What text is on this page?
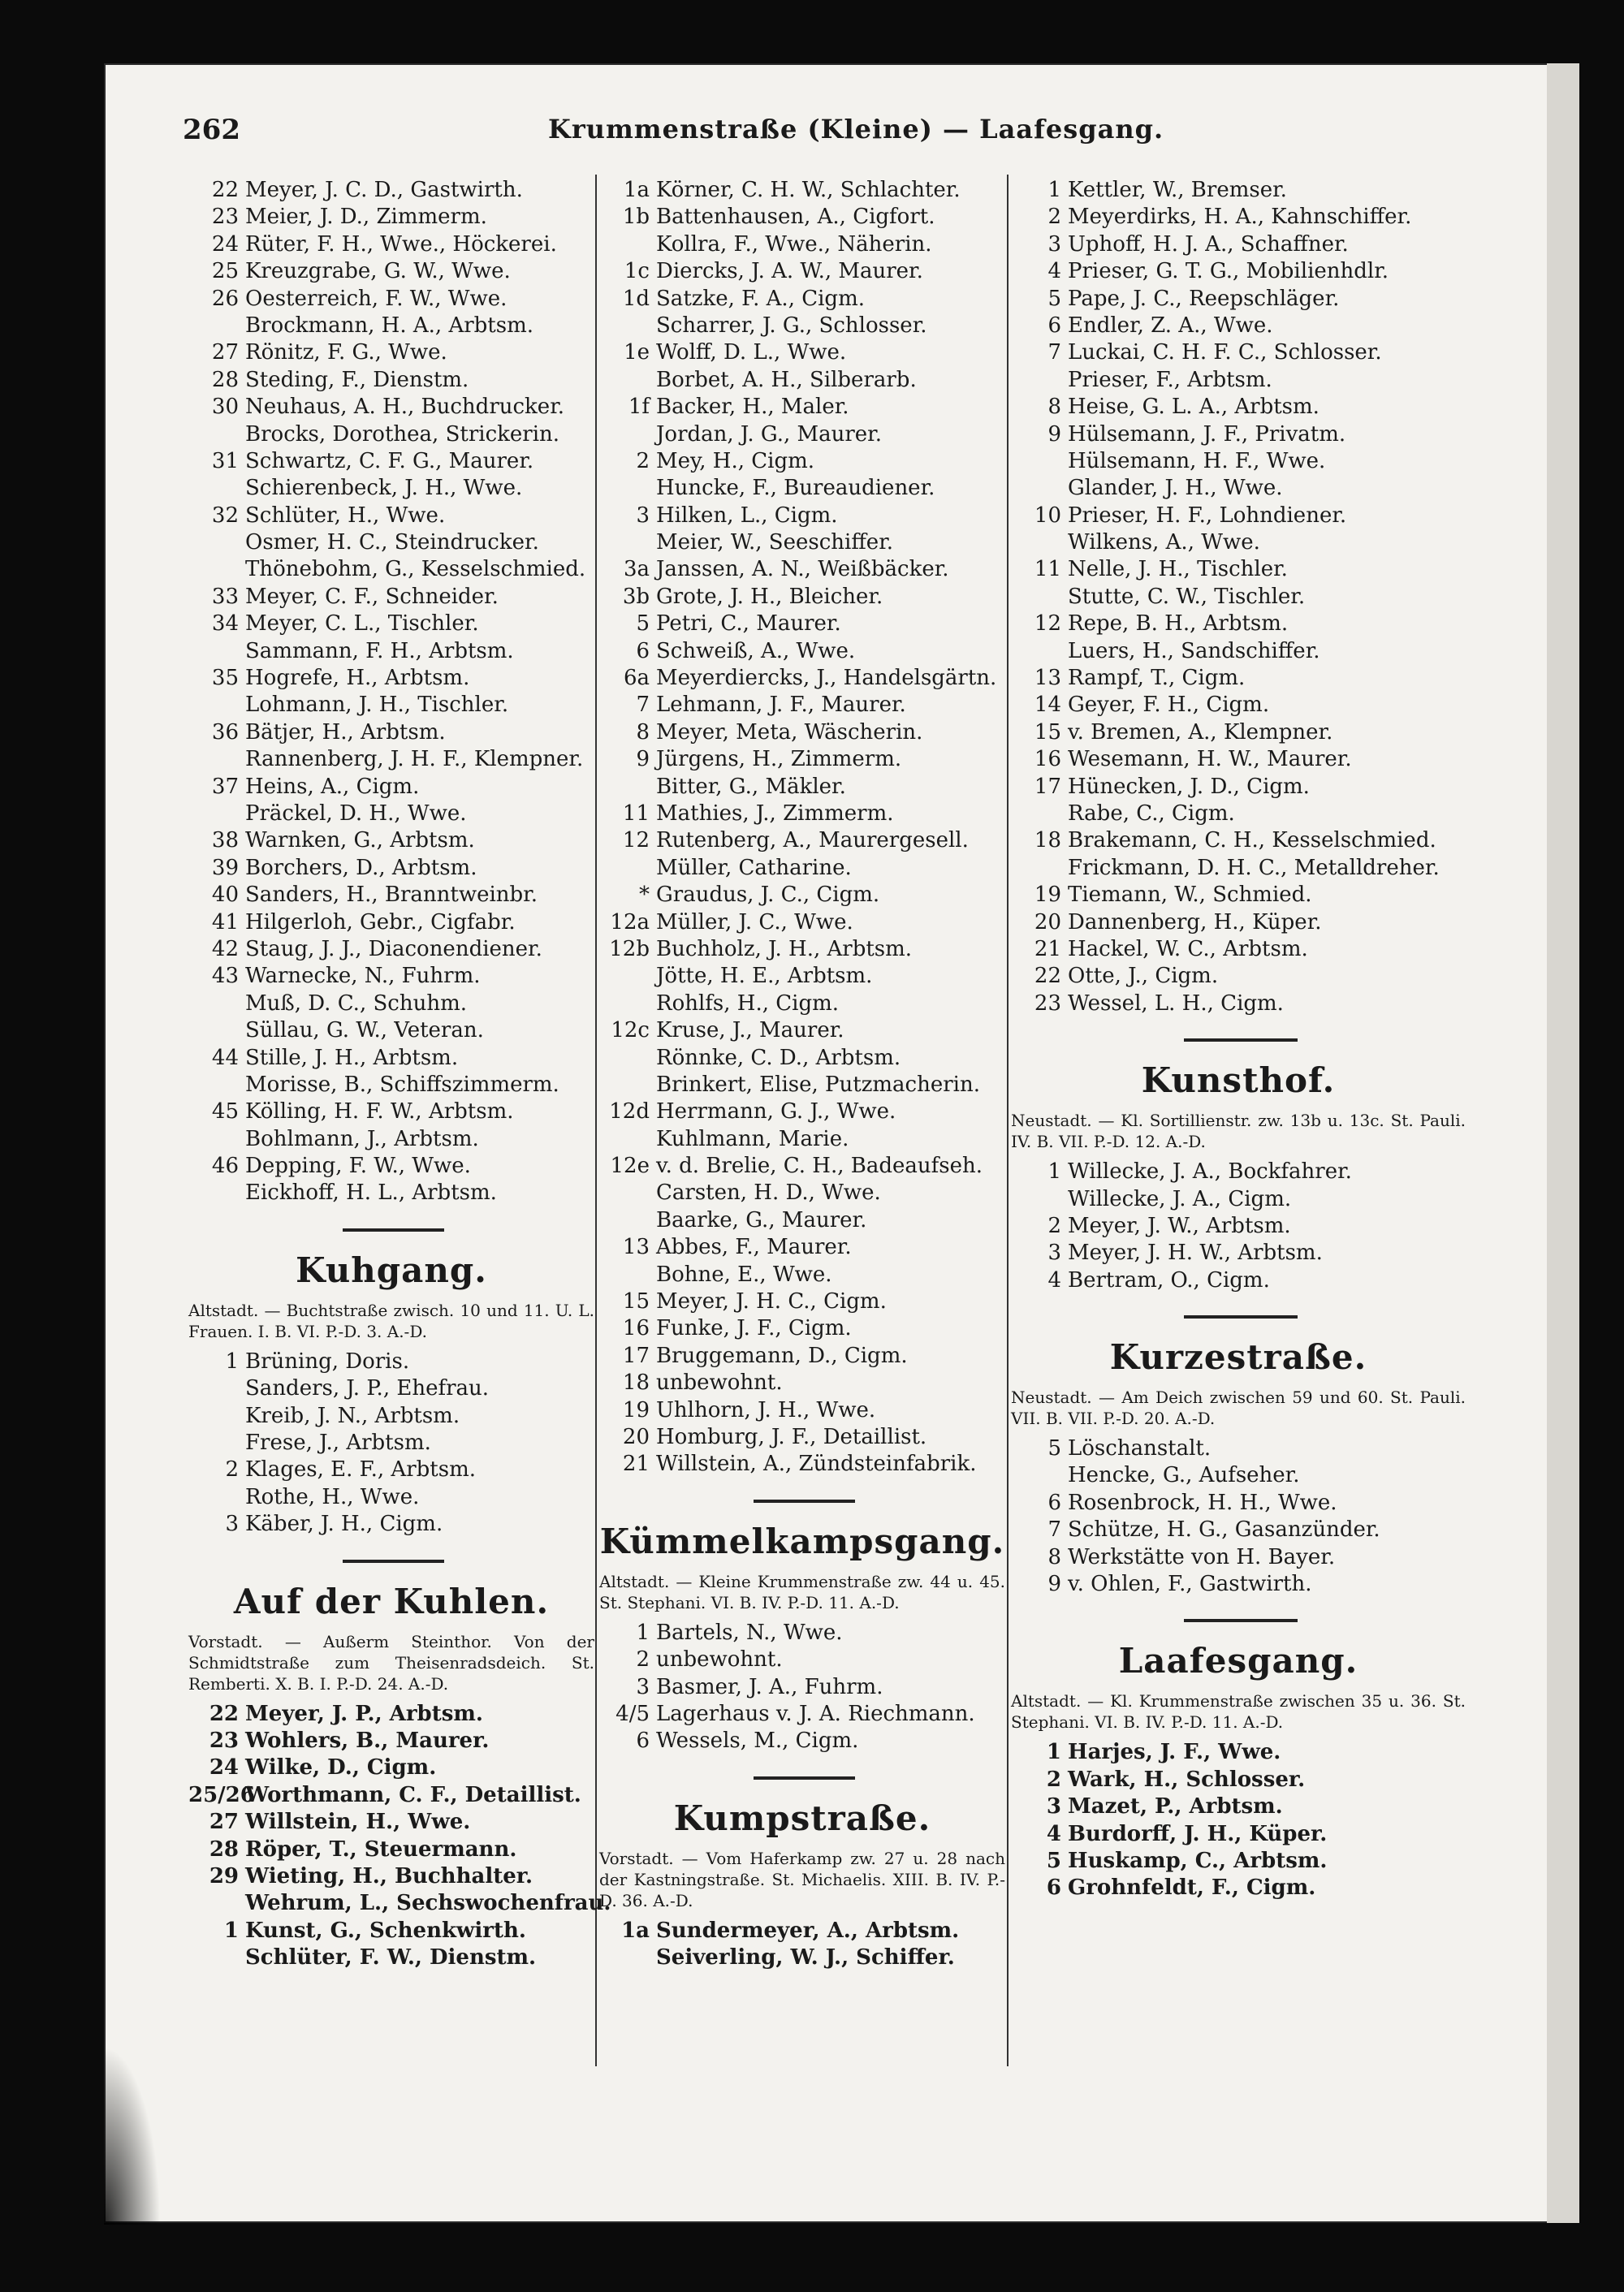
262	Krummenstraße (Kleine) — Laafesgang.
22 Meyer, J. C. D., Gastwirth.
23 Meier, J. D., Zimmerm.
24 Rüter, F. H., Wwe., Höckerei.
25 Kreuzgrabe, G. W., Wwe.
26 Oesterreich, F. W., Wwe.
Brockmann, H. A., Arbtsm.
27 Rönitz, F. G., Wwe.
28 Steding, F., Dienstm.
30 Neuhaus, A. H., Buchdrucker.
Brocks, Dorothea, Strickerin.
31 Schwartz, C. F. G., Maurer.
Schierenbeck, J. H., Wwe.
32 Schlüter, H., Wwe.
Osmer, H. C., Steindrucker.
Thönebohm, G., Kesselschmied.
33 Meyer, C. F., Schneider.
34 Meyer, C. L., Tischler.
Sammann, F. H., Arbtsm.
35 Hogrefe, H., Arbtsm.
Lohmann, J. H., Tischler.
36 Bätjer, H., Arbtsm.
Rannenberg, J. H. F., Klempner.
37 Heins, A., Cigm.
Präckel, D. H., Wwe.
38 Warnken, G., Arbtsm.
39 Borchers, D., Arbtsm.
40 Sanders, H., Branntweinbr.
41 Hilgerloh, Gebr., Cigfabr.
42 Staug, J. J., Diaconendiener.
43 Warnecke, N., Fuhrm.
Muß, D. C., Schuhm.
Süllau, G. W., Veteran.
44 Stille, J. H., Arbtsm.
Morisse, B., Schiffszimmerm.
45 Kölling, H. F. W., Arbtsm.
Bohlmann, J., Arbtsm.
46 Depping, F. W., Wwe.
Eickhoff, H. L., Arbtsm.
Kuhgang.
Altstadt. — Buchtstraße zwisch. 10 und 11. U. L. Frauen. I. B. VI. P.-D. 3. A.-D.
1 Brüning, Doris.
Sanders, J. P., Ehefrau.
Kreib, J. N., Arbtsm.
Frese, J., Arbtsm.
2 Klages, E. F., Arbtsm.
Rothe, H., Wwe.
3 Käber, J. H., Cigm.
Auf der Kuhlen.
Vorstadt. — Außerm Steinthor. Von der Schmidtstraße zum Theisenradsdeich. St. Remberti. X. B. I. P.-D. 24. A.-D.
22 Meyer, J. P., Arbtsm.
23 Wohlers, B., Maurer.
24 Wilke, D., Cigm.
25/26Worthmann, C. F., Detaillist.
27 Willstein, H., Wwe.
28 Röper, T., Steuermann.
29 Wieting, H., Buchhalter.
Wehrum, L., Sechswochenfrau.
1 Kunst, G., Schenkwirth.
Schlüter, F. W., Dienstm.
1a Körner, C. H. W., Schlachter.
1b Battenhausen, A., Cigfort.
Kollra, F., Wwe., Näherin.
1c Diercks, J. A. W., Maurer.
1d Satzke, F. A., Cigm.
Scharrer, J. G., Schlosser.
1e Wolff, D. L., Wwe.
Borbet, A. H., Silberarb.
1f Backer, H., Maler.
Jordan, J. G., Maurer.
2 Mey, H., Cigm.
Huncke, F., Bureaudiener.
3 Hilken, L., Cigm.
Meier, W., Seeschiffer.
3a Janssen, A. N., Weißbäcker.
3b Grote, J. H., Bleicher.
5 Petri, C., Maurer.
6 Schweiß, A., Wwe.
6a Meyerdiercks, J., Handelsgärtn.
7 Lehmann, J. F., Maurer.
8 Meyer, Meta, Wäscherin.
9 Jürgens, H., Zimmerm.
Bitter, G., Mäkler.
11 Mathies, J., Zimmerm.
12 Rutenberg, A., Maurergesell.
Müller, Catharine.
* Graudus, J. C., Cigm.
12a Müller, J. C., Wwe.
12b Buchholz, J. H., Arbtsm.
Jötte, H. E., Arbtsm.
Rohlfs, H., Cigm.
12c Kruse, J., Maurer.
Rönnke, C. D., Arbtsm.
Brinkert, Elise, Putzmacherin.
12d Herrmann, G. J., Wwe.
Kuhlmann, Marie.
12e v. d. Brelie, C. H., Badeaufseh.
Carsten, H. D., Wwe.
Baarke, G., Maurer.
13 Abbes, F., Maurer.
Bohne, E., Wwe.
15 Meyer, J. H. C., Cigm.
16 Funke, J. F., Cigm.
17 Bruggemann, D., Cigm.
18 unbewohnt.
19 Uhlhorn, J. H., Wwe.
20 Homburg, J. F., Detaillist.
21 Willstein, A., Zündsteinfabrik.
Kümmelkampsgang.
Altstadt. — Kleine Krummenstraße zw. 44 u. 45. St. Stephani. VI. B. IV. P.-D. 11. A.-D.
1 Bartels, N., Wwe.
2 unbewohnt.
3 Basmer, J. A., Fuhrm.
4/5 Lagerhaus v. J. A. Riechmann.
6 Wessels, M., Cigm.
Kumpstraße.
Vorstadt. — Vom Haferkamp zw. 27 u. 28 nach der Kastningstraße. St. Michaelis. XIII. B. IV. P.-D. 36. A.-D.
1a Sundermeyer, A., Arbtsm.
Seiverling, W. J., Schiffer.
1 Kettler, W., Bremser.
2 Meyerdirks, H. A., Kahnschiffer.
3 Uphoff, H. J. A., Schaffner.
4 Prieser, G. T. G., Mobilienhdlr.
5 Pape, J. C., Reepschläger.
6 Endler, Z. A., Wwe.
7 Luckai, C. H. F. C., Schlosser.
Prieser, F., Arbtsm.
8 Heise, G. L. A., Arbtsm.
9 Hülsemann, J. F., Privatm.
Hülsemann, H. F., Wwe.
Glander, J. H., Wwe.
10 Prieser, H. F., Lohndiener.
Wilkens, A., Wwe.
11 Nelle, J. H., Tischler.
Stutte, C. W., Tischler.
12 Repe, B. H., Arbtsm.
Luers, H., Sandschiffer.
13 Rampf, T., Cigm.
14 Geyer, F. H., Cigm.
15 v. Bremen, A., Klempner.
16 Wesemann, H. W., Maurer.
17 Hünecken, J. D., Cigm.
Rabe, C., Cigm.
18 Brakemann, C. H., Kesselschmied.
Frickmann, D. H. C., Metalldreher.
19 Tiemann, W., Schmied.
20 Dannenberg, H., Küper.
21 Hackel, W. C., Arbtsm.
22 Otte, J., Cigm.
23 Wessel, L. H., Cigm.
Kunsthof.
Neustadt. — Kl. Sortillienstr. zw. 13b u. 13c. St. Pauli. IV. B. VII. P.-D. 12. A.-D.
1 Willecke, J. A., Bockfahrer.
Willecke, J. A., Cigm.
2 Meyer, J. W., Arbtsm.
3 Meyer, J. H. W., Arbtsm.
4 Bertram, O., Cigm.
Kurzestraße.
Neustadt. — Am Deich zwischen 59 und 60. St. Pauli. VII. B. VII. P.-D. 20. A.-D.
5 Löschanstalt.
Hencke, G., Aufseher.
6 Rosenbrock, H. H., Wwe.
7 Schütze, H. G., Gasanzünder.
8 Werkstätte von H. Bayer.
9 v. Ohlen, F., Gastwirth.
Laafesgang.
Altstadt. — Kl. Krummenstraße zwischen 35 u. 36. St. Stephani. VI. B. IV. P.-D. 11. A.-D.
1 Harjes, J. F., Wwe.
2 Wark, H., Schlosser.
3 Mazet, P., Arbtsm.
4 Burdorff, J. H., Küper.
5 Huskamp, C., Arbtsm.
6 Grohnfeldt, F., Cigm.
